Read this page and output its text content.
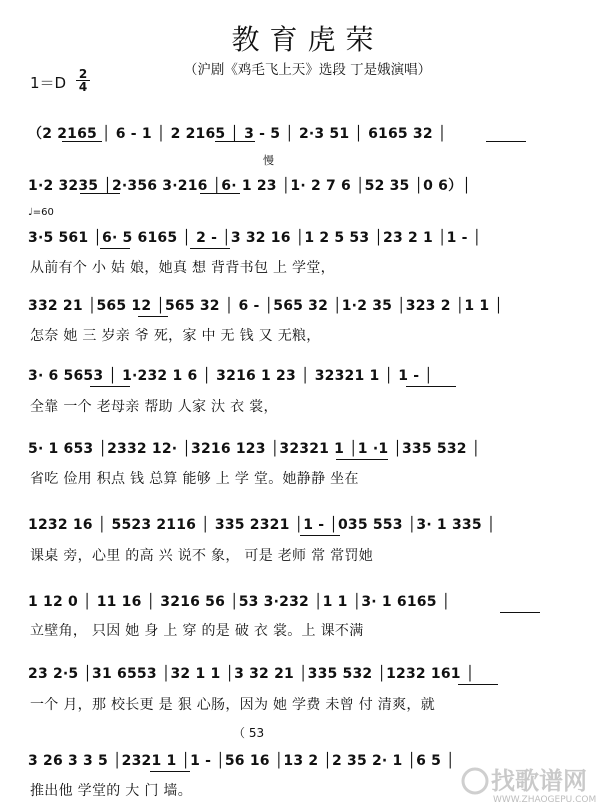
教育虎荣
（沪剧《鸡毛飞上天》选段 丁是娥演唱）
1＝D 2
4
慢
♩=60
（ 53
（2 2165 │ 6 - 1 │ 2 2165 │ 3 - 5 │ 2·3 51 │ 6165 32 │
1·2 3235 │2·356 3·216 │6· 1 23 │1· 2 7 6 │52 35 │0 6）│
3·5 561 │6· 5 6165 │ 2 - │3 32 16 │1 2 5 53 │23 2 1 │1 - │
从前有个 小 姑 娘，她真 想 背背书包 上 学堂，
332 21 │565 12 │565 32 │ 6 - │565 32 │1·2 35 │323 2 │1 1 │
怎奈 她 三 岁亲 爷 死，家 中 无 钱 又 无粮，
3· 6 5653 │ 1·232 1 6 │ 3216 1 23 │ 32321 1 │ 1 - │
全靠 一个 老母亲 帮助 人家 汏 衣 裳，
5· 1 653 │2332 12· │3216 123 │32321 1 │1 ·1 │335 532 │
省吃 俭用 积点 钱 总算 能够 上 学 堂。她静静 坐在
1232 16 │ 5523 2116 │ 335 2321 │1 - │035 553 │3· 1 335 │
课桌 旁，心里 的高 兴 说不 象， 可是 老师 常 常罚她
1 12 0 │ 11 16 │ 3216 56 │53 3·232 │1 1 │3· 1 6165 │
立壁角， 只因 她 身 上 穿 的是 破 衣 裳。上 课不满
23 2·5 │31 6553 │32 1 1 │3 32 21 │335 532 │1232 161 │
一个 月，那 校长更 是 狠 心肠，因为 她 学费 未曾 付 清爽，就
3 26 3 3 5 │2321 1 │1 - │56 16 │13 2 │2 35 2· 1 │6 5 │
推出他 学堂的 大 门 墙。	找歌谱网
WWW.ZHAOGEPU.COM
